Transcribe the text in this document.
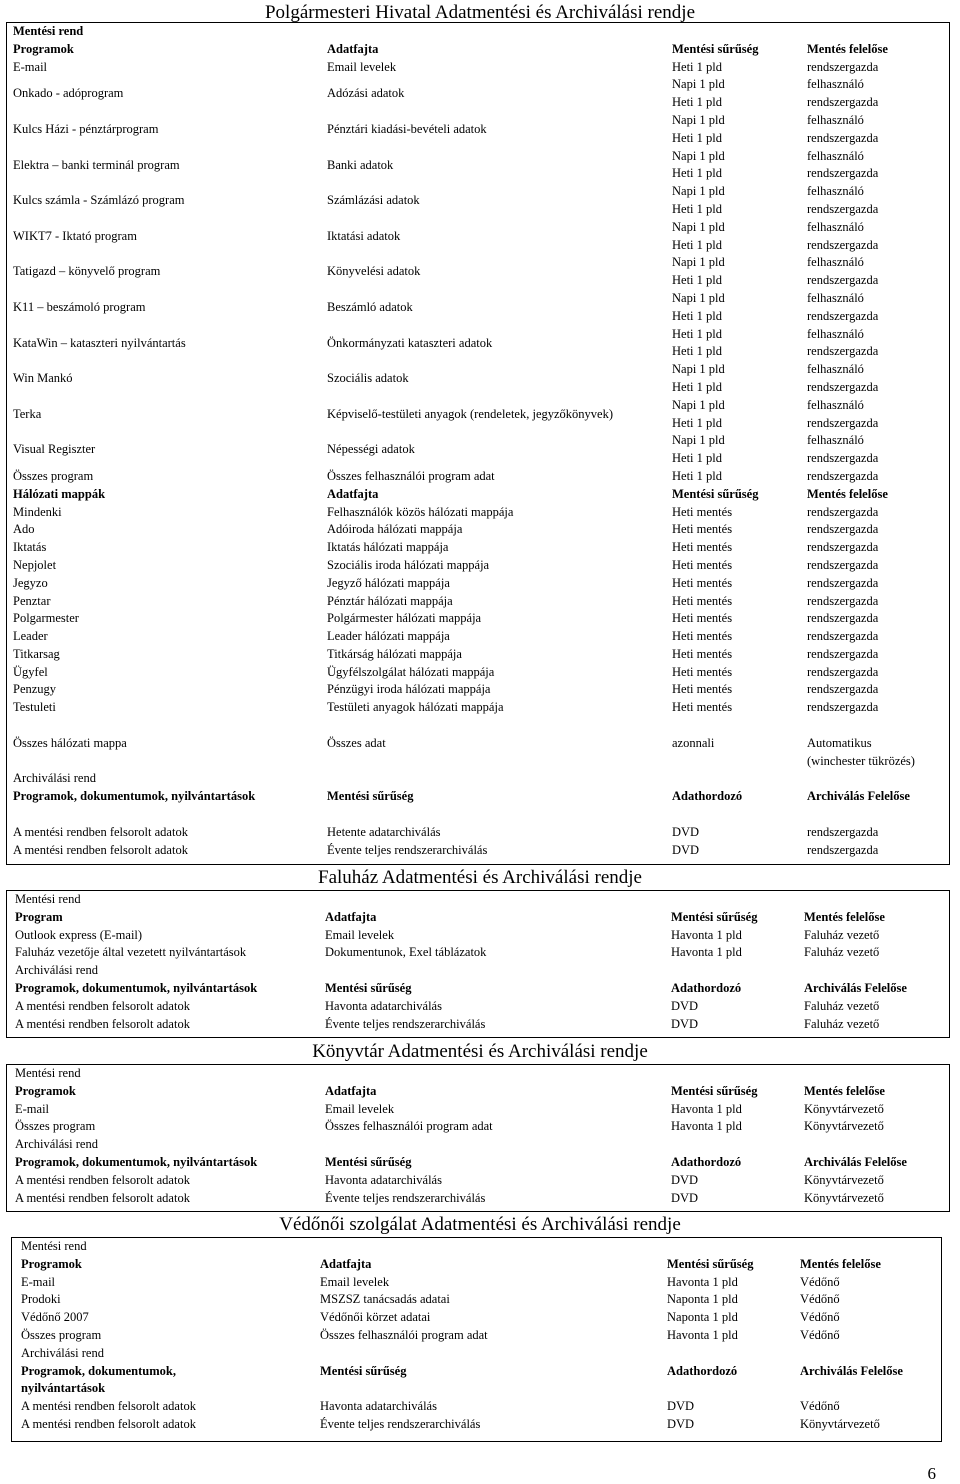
Polgármesteri Hivatal Adatmentési és Archiválási rendje
Mentési rend
Programok	Adatfajta	Mentési sűrűség	Mentés felelőse
E-mail	Email levelek	Heti 1 pld	rendszergazda
Onkado - adóprogram	Adózási adatok
Napi 1 pld	felhasználó
Heti 1 pld	rendszergazda
Kulcs Házi - pénztárprogram	Pénztári kiadási-bevételi adatok
Napi 1 pld	felhasználó
Heti 1 pld	rendszergazda
Elektra – banki terminál program	Banki adatok
Napi 1 pld	felhasználó
Heti 1 pld	rendszergazda
Kulcs számla - Számlázó program	Számlázási adatok
Napi 1 pld	felhasználó
Heti 1 pld	rendszergazda
WIKT7 - Iktató program	Iktatási adatok
Napi 1 pld	felhasználó
Heti 1 pld	rendszergazda
Tatigazd – könyvelő program	Könyvelési adatok
Napi 1 pld	felhasználó
Heti 1 pld	rendszergazda
K11 – beszámoló program	Beszámló adatok
Napi 1 pld	felhasználó
Heti 1 pld	rendszergazda
KataWin – kataszteri nyilvántartás	Önkormányzati kataszteri adatok
Heti 1 pld	felhasználó
Heti 1 pld	rendszergazda
Win Mankó	Szociális adatok
Napi 1 pld	felhasználó
Heti 1 pld	rendszergazda
Terka	Képviselő-testületi anyagok (rendeletek, jegyzőkönyvek)
Napi 1 pld	felhasználó
Heti 1 pld	rendszergazda
Visual Regiszter	Népességi adatok
Napi 1 pld	felhasználó
Heti 1 pld	rendszergazda
Összes program	Összes felhasználói program adat	Heti 1 pld	rendszergazda
Hálózati mappák	Adatfajta	Mentési sűrűség	Mentés felelőse
Mindenki	Felhasználók közös hálózati mappája	Heti mentés	rendszergazda
Ado	Adóiroda hálózati mappája	Heti mentés	rendszergazda
Iktatás	Iktatás hálózati mappája	Heti mentés	rendszergazda
Nepjolet	Szociális iroda hálózati mappája	Heti mentés	rendszergazda
Jegyzo	Jegyző hálózati mappája	Heti mentés	rendszergazda
Penztar	Pénztár hálózati mappája	Heti mentés	rendszergazda
Polgarmester	Polgármester hálózati mappája	Heti mentés	rendszergazda
Leader	Leader hálózati mappája	Heti mentés	rendszergazda
Titkarsag	Titkárság hálózati mappája	Heti mentés	rendszergazda
Ügyfel	Ügyfélszolgálat hálózati mappája	Heti mentés	rendszergazda
Penzugy	Pénzügyi iroda hálózati mappája	Heti mentés	rendszergazda
Testuleti	Testületi anyagok hálózati mappája	Heti mentés	rendszergazda
Összes hálózati mappa	Összes adat	azonnali	Automatikus
(winchester tükrözés)
Archiválási rend
Programok, dokumentumok, nyilvántartások	Mentési sűrűség	Adathordozó	Archiválás Felelőse
A mentési rendben felsorolt adatok	Hetente adatarchiválás	DVD	rendszergazda
A mentési rendben felsorolt adatok	Évente teljes rendszerarchiválás	DVD	rendszergazda
Faluház Adatmentési és Archiválási rendje
Mentési rend
Program	Adatfajta	Mentési sűrűség	Mentés felelőse
Outlook express (E-mail)	Email levelek	Havonta 1 pld	Faluház vezető
Faluház vezetője által vezetett nyilvántartások	Dokumentunok, Exel táblázatok	Havonta 1 pld	Faluház vezető
Archiválási rend
Programok, dokumentumok, nyilvántartások	Mentési sűrűség	Adathordozó	Archiválás Felelőse
A mentési rendben felsorolt adatok	Havonta adatarchiválás	DVD	Faluház vezető
A mentési rendben felsorolt adatok	Évente teljes rendszerarchiválás	DVD	Faluház vezető
Könyvtár Adatmentési és Archiválási rendje
Mentési rend
Programok	Adatfajta	Mentési sűrűség	Mentés felelőse
E-mail	Email levelek	Havonta 1 pld	Könyvtárvezető
Összes program	Összes felhasználói program adat	Havonta 1 pld	Könyvtárvezető
Archiválási rend
Programok, dokumentumok, nyilvántartások	Mentési sűrűség	Adathordozó	Archiválás Felelőse
A mentési rendben felsorolt adatok	Havonta adatarchiválás	DVD	Könyvtárvezető
A mentési rendben felsorolt adatok	Évente teljes rendszerarchiválás	DVD	Könyvtárvezető
Védőnői szolgálat Adatmentési és Archiválási rendje
Mentési rend
Programok	Adatfajta	Mentési sűrűség	Mentés felelőse
E-mail	Email levelek	Havonta 1 pld	Védőnő
Prodoki	MSZSZ tanácsadás adatai	Naponta 1 pld	Védőnő
Védőnő 2007	Védőnői körzet adatai	Naponta 1 pld	Védőnő
Összes program	Összes felhasználói program adat	Havonta 1 pld	Védőnő
Archiválási rend
Programok, dokumentumok,
nyilvántartások
Mentési sűrűség	Adathordozó	Archiválás Felelőse
A mentési rendben felsorolt adatok	Havonta adatarchiválás	DVD	Védőnő
A mentési rendben felsorolt adatok	Évente teljes rendszerarchiválás	DVD	Könyvtárvezető
6
